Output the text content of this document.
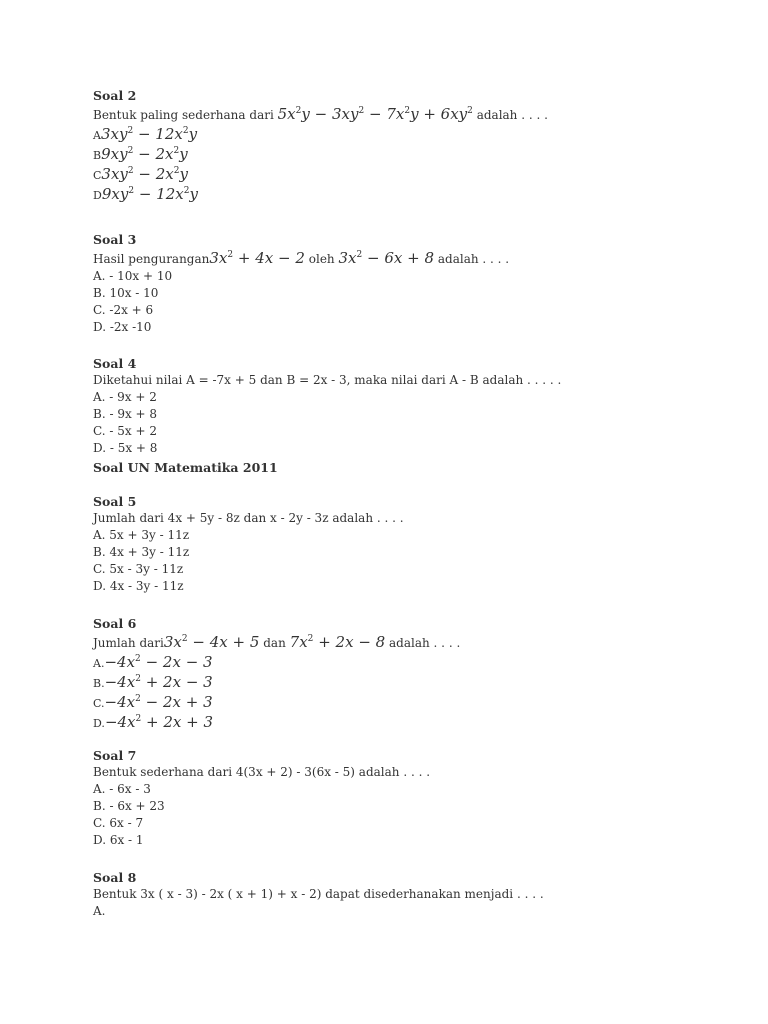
Soal 2
Bentuk paling sederhana dari $5x^2y - 3xy^2 - 7x^2y + 6xy^2$ adalah . . . .
$A3xy^2 - 12x^2y$
$B9xy^2 - 2x^2y$
$C3xy^2 - 2x^2y$
$D9xy^2 - 12x^2y$
Soal 3
Hasil $pengurangan3x^2 + 4x - 2$ oleh $3x^2 - 6x + 8$ adalah . . . .
A. - 10x + 10
B. 10x - 10
C. -2x + 6
D. -2x -10
Soal 4
Diketahui nilai A = -7x + 5 dan B = 2x - 3, maka nilai dari A - B adalah . . . . .
A. - 9x + 2
B. - 9x + 8
C. - 5x + 2
D. - 5x + 8
Soal UN Matematika 2011
Soal 5
Jumlah dari 4x + 5y - 8z dan x - 2y - 3z adalah . . . .
A. 5x + 3y - 11z
B. 4x + 3y - 11z
C. 5x - 3y - 11z
D. 4x - 3y - 11z
Soal 6
Jumlah $dari3x^2 - 4x + 5$ dan $7x^2 + 2x - 8$ adalah . . . .
$A.-4x^2 - 2x - 3$
$B.-4x^2 + 2x - 3$
$C.-4x^2 - 2x + 3$
$D.-4x^2 + 2x + 3$
Soal 7
Bentuk sederhana dari 4(3x + 2) - 3(6x - 5) adalah . . . .
A. - 6x - 3
B. - 6x + 23
C. 6x - 7
D. 6x - 1
Soal 8
Bentuk 3x ( x - 3) - 2x ( x + 1) + x - 2) dapat disederhanakan menjadi . . . .
A.
